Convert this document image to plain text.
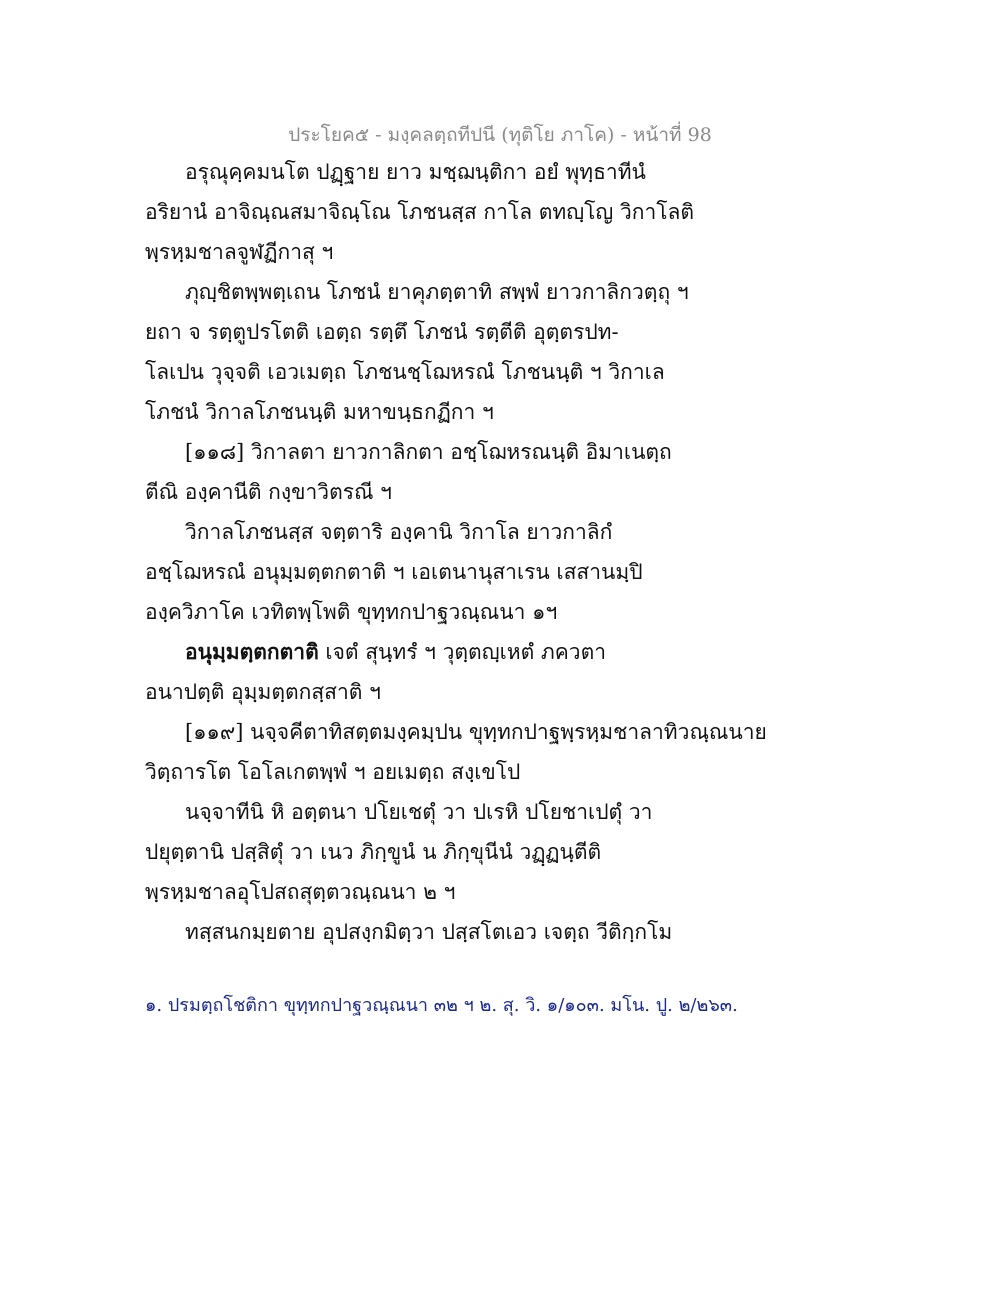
ประโยค๕ - มงฺคลตฺถทีปนี (ทุติโย ภาโค) - หน้าที่ 98
อรุณุคฺคมนโต ปฏฺฐาย ยาว มชฺฌนฺติกา อยํ พุทฺธาทีนํ
อริยานํ อาจิณฺณสมาจิณฺโณ โภชนสฺส กาโล ตทญฺโญ วิกาโลติ
พฺรหฺมชาลจูฬฏีกาสุ ฯ
ภุญฺชิตพฺพตฺเถน โภชนํ ยาคุภตฺตาทิ สพฺพํ ยาวกาลิกวตฺถุ ฯ
ยถา จ รตฺตูปรโตติ เอตฺถ รตฺตึ โภชนํ รตฺตีติ อุตฺตรปท-
โลเปน วุจฺจติ เอวเมตฺถ โภชนชฺโฌหรณํ โภชนนฺติ ฯ วิกาเล
โภชนํ วิกาลโภชนนฺติ มหาขนฺธกฏีกา ฯ
[๑๑๘] วิกาลตา ยาวกาลิกตา อชฺโฌหรณนฺติ อิมาเนตฺถ
ตีณิ องฺคานีติ กงฺขาวิตรณี ฯ
วิกาลโภชนสฺส จตฺตาริ องฺคานิ วิกาโล ยาวกาลิกํ
อชฺโฌหรณํ อนุมฺมตฺตกตาติ ฯ เอเตนานุสาเรน เสสานมฺปิ
องฺควิภาโค เวทิตพฺโพติ ขุทฺทกปาฐวณฺณนา ๑ฯ
อนุมฺมตฺตกตาติ เจตํ สุนฺทรํ ฯ วุตฺตญฺเหตํ ภควตา
อนาปตฺติ อุมฺมตฺตกสฺสาติ ฯ
[๑๑๙] นจฺจคีตาทิสตฺตมงฺคมฺปน ขุทฺทกปาฐพฺรหฺมชาลาทิวณฺณนาย
วิตฺถารโต โอโลเกตพฺพํ ฯ อยเมตฺถ สงฺเขโป
นจฺจาทีนิ หิ อตฺตนา ปโยเชตุํ วา ปเรหิ ปโยชาเปตุํ วา
ปยุตฺตานิ ปสฺสิตุํ วา เนว ภิกฺขูนํ น ภิกฺขุนีนํ วฏฺฏนฺตีติ
พฺรหฺมชาลอุโปสถสุตฺตวณฺณนา ๒ ฯ
ทสฺสนกมฺยตาย อุปสงฺกมิตฺวา ปสฺสโตเอว เจตฺถ วีติกฺกโม
๑. ปรมตฺถโชติกา ขุทฺทกปาฐวณฺณนา ๓๒ ฯ ๒. สุ. วิ. ๑/๑๐๓. มโน. ปู. ๒/๒๖๓.
